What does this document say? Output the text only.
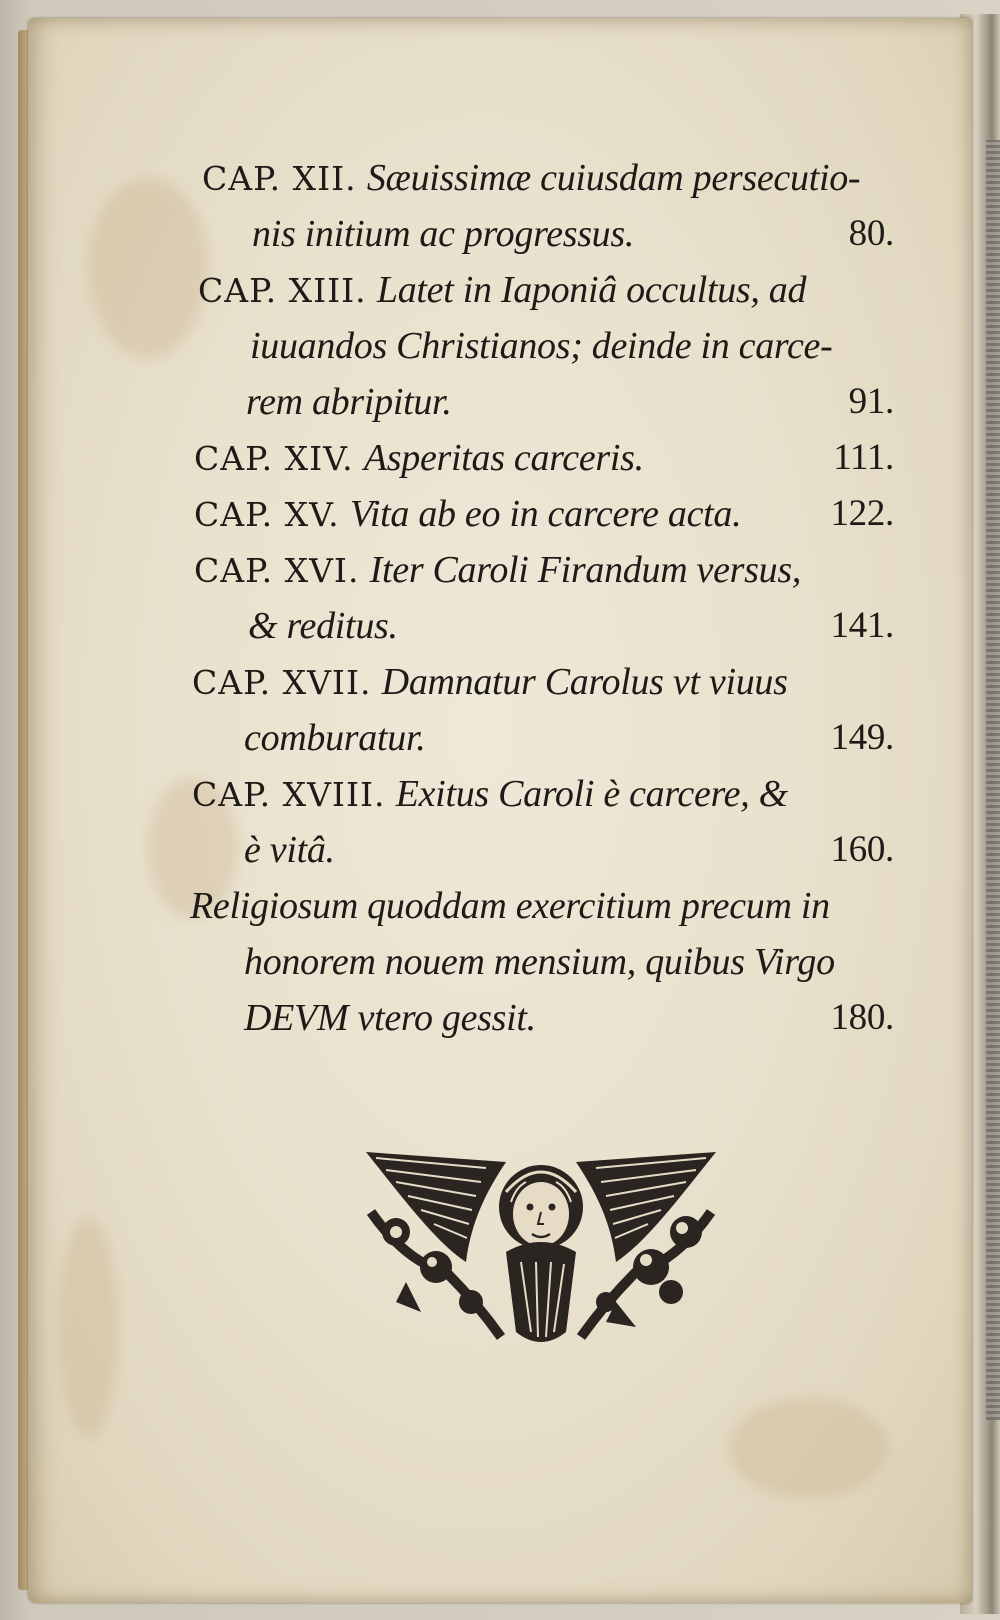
CAP. XII. Sæuissimæ cuiusdam persecutio-
nis initium ac progressus.	80.
CAP. XIII. Latet in Iaponiâ occultus, ad
iuuandos Christianos; deinde in carce-
rem abripitur.	91.
CAP. XIV. Asperitas carceris.	111.
CAP. XV. Vita ab eo in carcere acta. 122.
CAP. XVI. Iter Caroli Firandum versus,
& reditus.	141.
CAP. XVII. Damnatur Carolus vt viuus
comburatur.	149.
CAP. XVIII. Exitus Caroli è carcere, &
è vitâ.	160.
Religiosum quoddam exercitium precum in
honorem nouem mensium, quibus Virgo
DEVM vtero gessit.	180.
